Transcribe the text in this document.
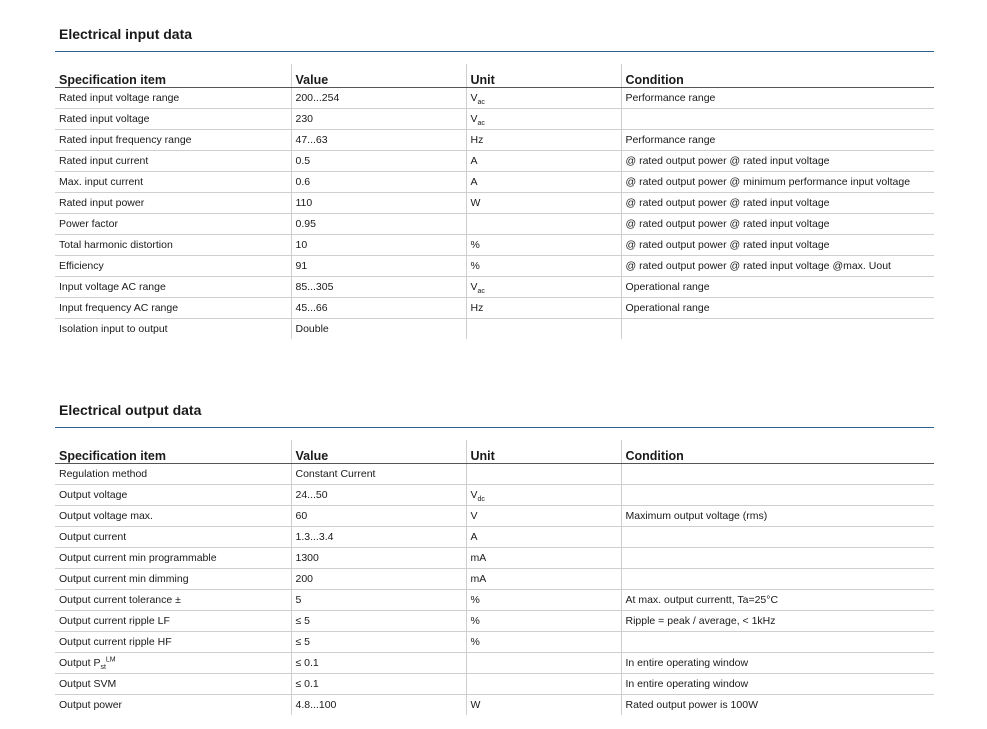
Electrical input data
Specification item	Value	Unit	Condition
Rated input voltage range	200...254	$V_{ac}$	Performance range
Rated input voltage	230	$V_{ac}$	
Rated input frequency range	47...63	Hz	Performance range
Rated input current	0.5	A	@ rated output power @ rated input voltage
Max. input current	0.6	A	@ rated output power @ minimum performance input voltage
Rated input power	110	W	@ rated output power @ rated input voltage
Power factor	0.95		@ rated output power @ rated input voltage
Total harmonic distortion	10	%	@ rated output power @ rated input voltage
Efficiency	91	%	@ rated output power @ rated input voltage @max. Uout
Input voltage AC range	85...305	$V_{ac}$	Operational range
Input frequency AC range	45...66	Hz	Operational range
Isolation input to output	Double		
Electrical output data
Specification item	Value	Unit	Condition
Regulation method	Constant Current		
Output voltage	24...50	$V_{dc}$	
Output voltage max.	60	V	Maximum output voltage (rms)
Output current	1.3...3.4	A	
Output current min programmable	1300	mA	
Output current min dimming	200	mA	
Output current tolerance ±	5	%	At max. output currentt, Ta=25°C
Output current ripple LF	≤ 5	%	Ripple = peak / average, < 1kHz
Output current ripple HF	≤ 5	%	
Output $P_{st}^{LM}$	≤ 0.1		In entire operating window
Output SVM	≤ 0.1		In entire operating window
Output power	4.8...100	W	Rated output power is 100W
